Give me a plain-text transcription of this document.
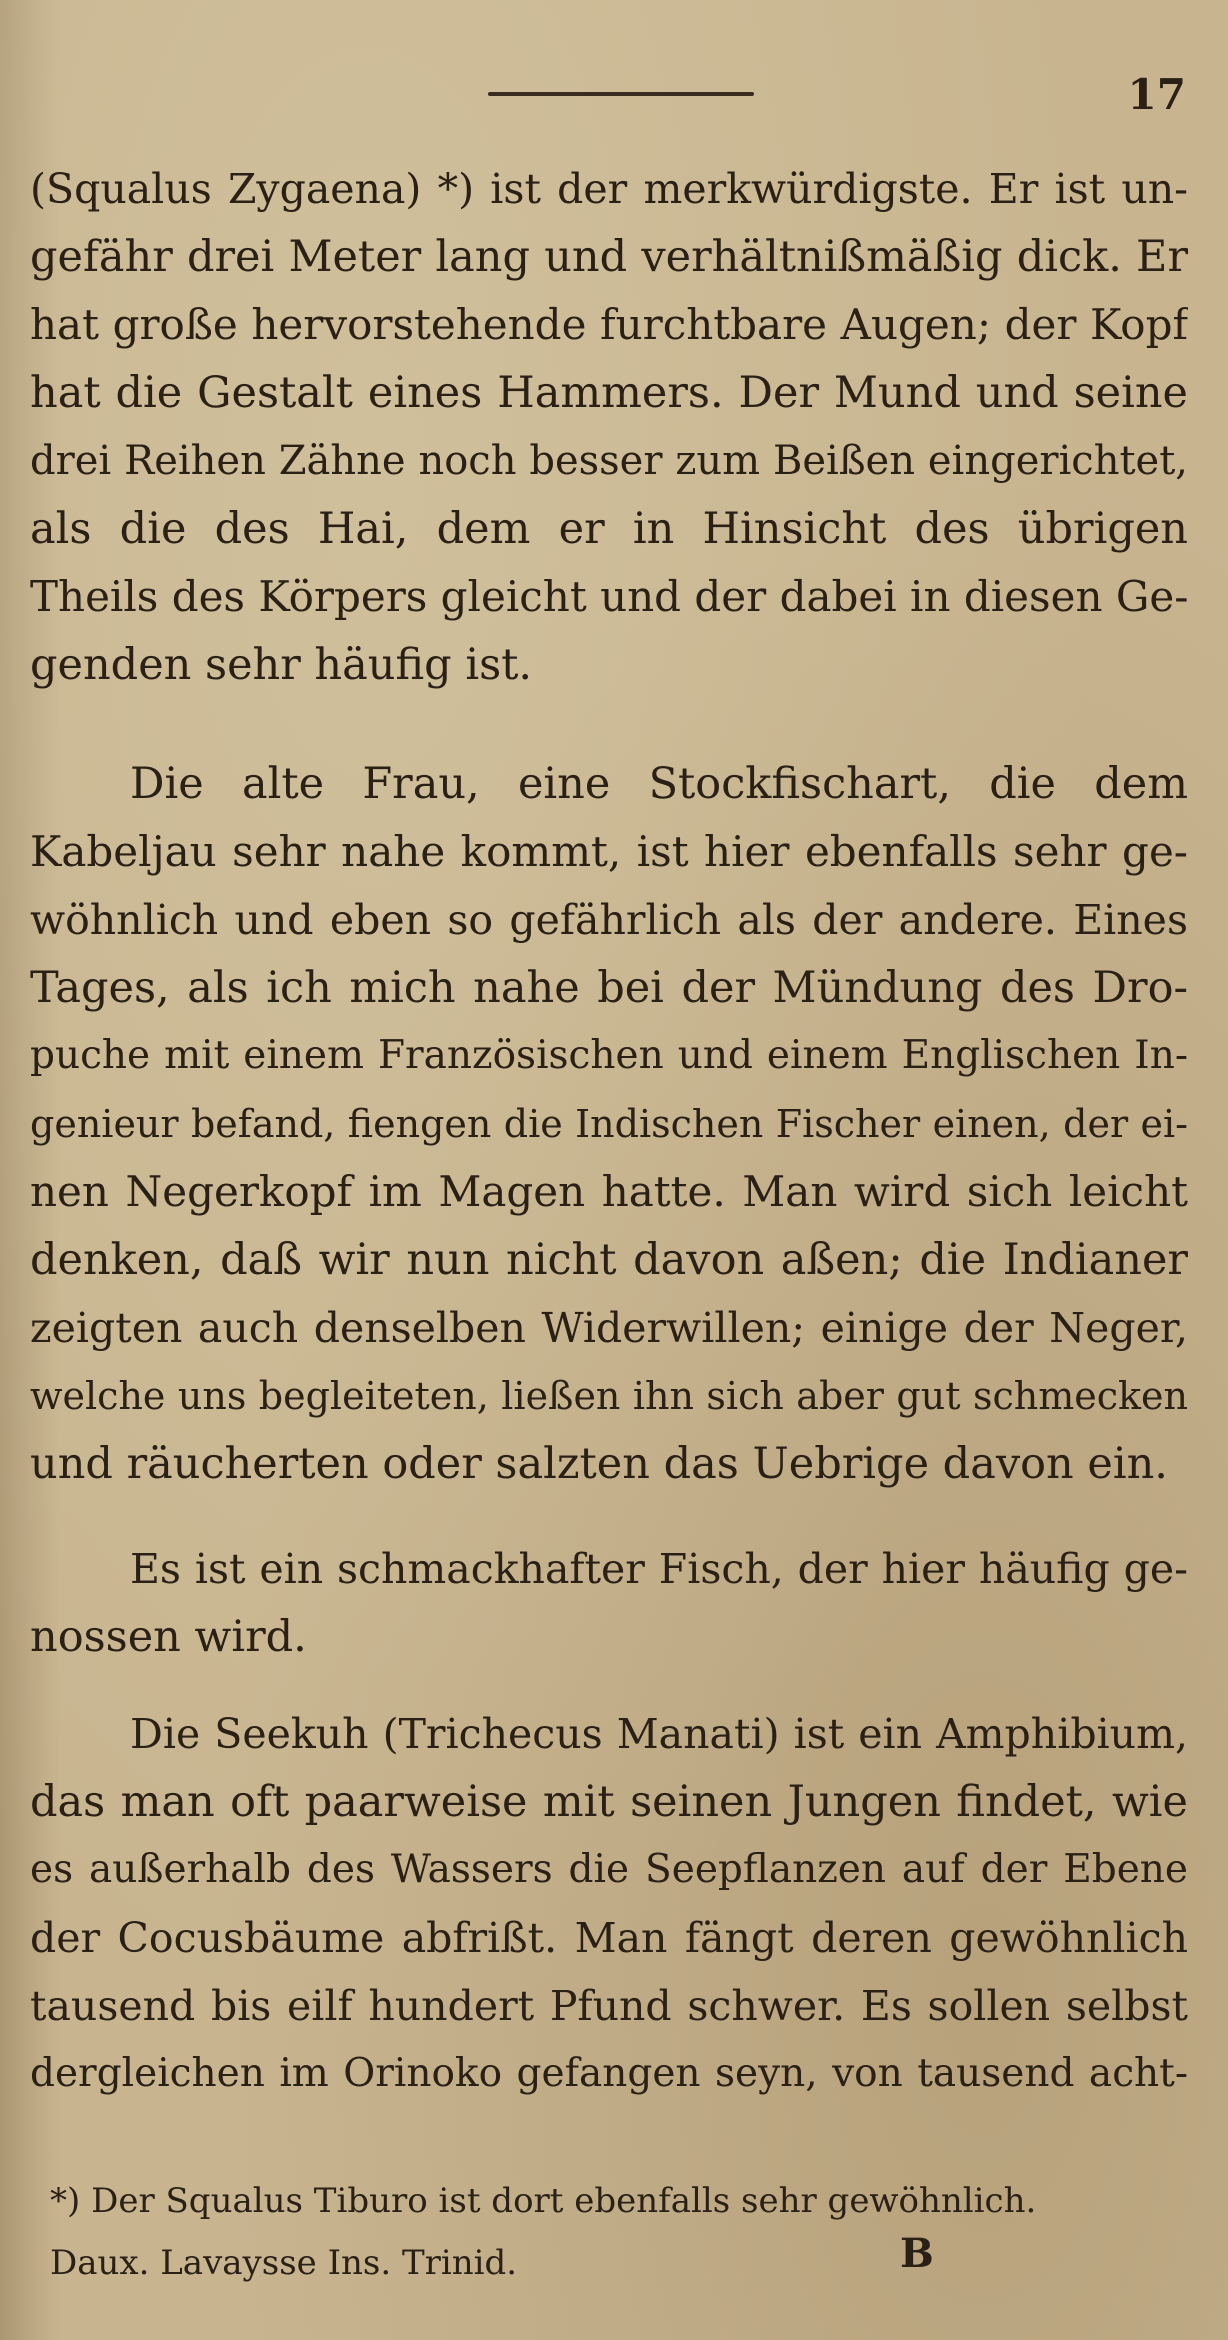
17
(Squalus Zygaena) *) ist der merkwürdigste. Er ist un-
gefähr drei Meter lang und verhältnißmäßig dick. Er
hat große hervorstehende furchtbare Augen; der Kopf
hat die Gestalt eines Hammers. Der Mund und seine
drei Reihen Zähne noch besser zum Beißen eingerichtet,
als die des Hai, dem er in Hinsicht des übrigen
Theils des Körpers gleicht und der dabei in diesen Ge-
genden sehr häufig ist.
Die alte Frau, eine Stockfischart, die dem
Kabeljau sehr nahe kommt, ist hier ebenfalls sehr ge-
wöhnlich und eben so gefährlich als der andere. Eines
Tages, als ich mich nahe bei der Mündung des Dro-
puche mit einem Französischen und einem Englischen In-
genieur befand, fiengen die Indischen Fischer einen, der ei-
nen Negerkopf im Magen hatte. Man wird sich leicht
denken, daß wir nun nicht davon aßen; die Indianer
zeigten auch denselben Widerwillen; einige der Neger,
welche uns begleiteten, ließen ihn sich aber gut schmecken
und räucherten oder salzten das Uebrige davon ein.
Es ist ein schmackhafter Fisch, der hier häufig ge-
nossen wird.
Die Seekuh (Trichecus Manati) ist ein Amphibium,
das man oft paarweise mit seinen Jungen findet, wie
es außerhalb des Wassers die Seepflanzen auf der Ebene
der Cocusbäume abfrißt. Man fängt deren gewöhnlich
tausend bis eilf hundert Pfund schwer. Es sollen selbst
dergleichen im Orinoko gefangen seyn, von tausend acht-
*) Der Squalus Tiburo ist dort ebenfalls sehr gewöhnlich.
Daux. Lavaysse Ins. Trinid.	B
